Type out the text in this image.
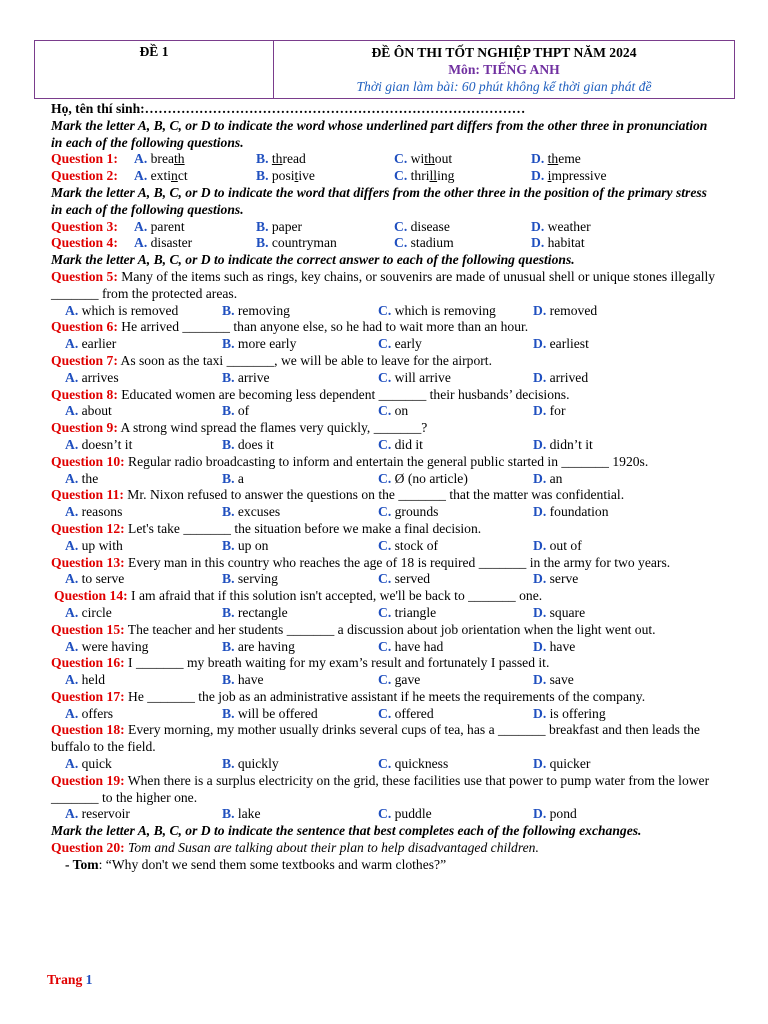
ĐỀ 1	ĐỀ ÔN THI TỐT NGHIỆP THPT NĂM 2024
Môn: TIẾNG ANH
Thời gian làm bài: 60 phút không kể thời gian phát đề
Họ, tên thí sinh:…………………………………………………………………………
Mark the letter A, B, C, or D to indicate the word whose underlined part differs from the other three in pronunciation in each of the following questions.
Question 1:	A. breath	B. thread	C. without	D. theme
Question 2:	A. extinct	B. positive	C. thrilling	D. impressive
Mark the letter A, B, C, or D to indicate the word that differs from the other three in the position of the primary stress in each of the following questions.
Question 3:	A. parent	B. paper	C. disease	D. weather
Question 4:	A. disaster	B. countryman	C. stadium	D. habitat
Mark the letter A, B, C, or D to indicate the correct answer to each of the following questions.
Question 5: Many of the items such as rings, key chains, or souvenirs are made of unusual shell or unique stones illegally _______ from the protected areas.
A. which is removed	B. removing	C. which is removing	D. removed
Question 6: He arrived _______ than anyone else, so he had to wait more than an hour.
A. earlier	B. more early	C. early	D. earliest
Question 7: As soon as the taxi _______, we will be able to leave for the airport.
A. arrives	B. arrive	C. will arrive	D. arrived
Question 8: Educated women are becoming less dependent _______ their husbands’ decisions.
A. about	B. of	C. on	D. for
Question 9: A strong wind spread the flames very quickly, _______?
A. doesn’t it	B. does it	C. did it	D. didn’t it
Question 10: Regular radio broadcasting to inform and entertain the general public started in _______ 1920s.
A. the	B. a	C. Ø (no article)	D. an
Question 11: Mr. Nixon refused to answer the questions on the _______ that the matter was confidential.
A. reasons	B. excuses	C. grounds	D. foundation
Question 12: Let's take _______ the situation before we make a final decision.
A. up with	B. up on	C. stock of	D. out of
Question 13: Every man in this country who reaches the age of 18 is required _______ in the army for two years.
A. to serve	B. serving	C. served	D. serve
Question 14: I am afraid that if this solution isn't accepted, we'll be back to _______ one.
A. circle	B. rectangle	C. triangle	D. square
Question 15: The teacher and her students _______ a discussion about job orientation when the light went out.
A. were having	B. are having	C. have had	D. have
Question 16: I _______ my breath waiting for my exam’s result and fortunately I passed it.
A. held	B. have	C. gave	D. save
Question 17: He _______ the job as an administrative assistant if he meets the requirements of the company.
A. offers	B. will be offered	C. offered	D. is offering
Question 18: Every morning, my mother usually drinks several cups of tea, has a _______ breakfast and then leads the buffalo to the field.
A. quick	B. quickly	C. quickness	D. quicker
Question 19: When there is a surplus electricity on the grid, these facilities use that power to pump water from the lower _______ to the higher one.
A. reservoir	B. lake	C. puddle	D. pond
Mark the letter A, B, C, or D to indicate the sentence that best completes each of the following exchanges.
Question 20: Tom and Susan are talking about their plan to help disadvantaged children.
- Tom: “Why don't we send them some textbooks and warm clothes?”
Trang 1
